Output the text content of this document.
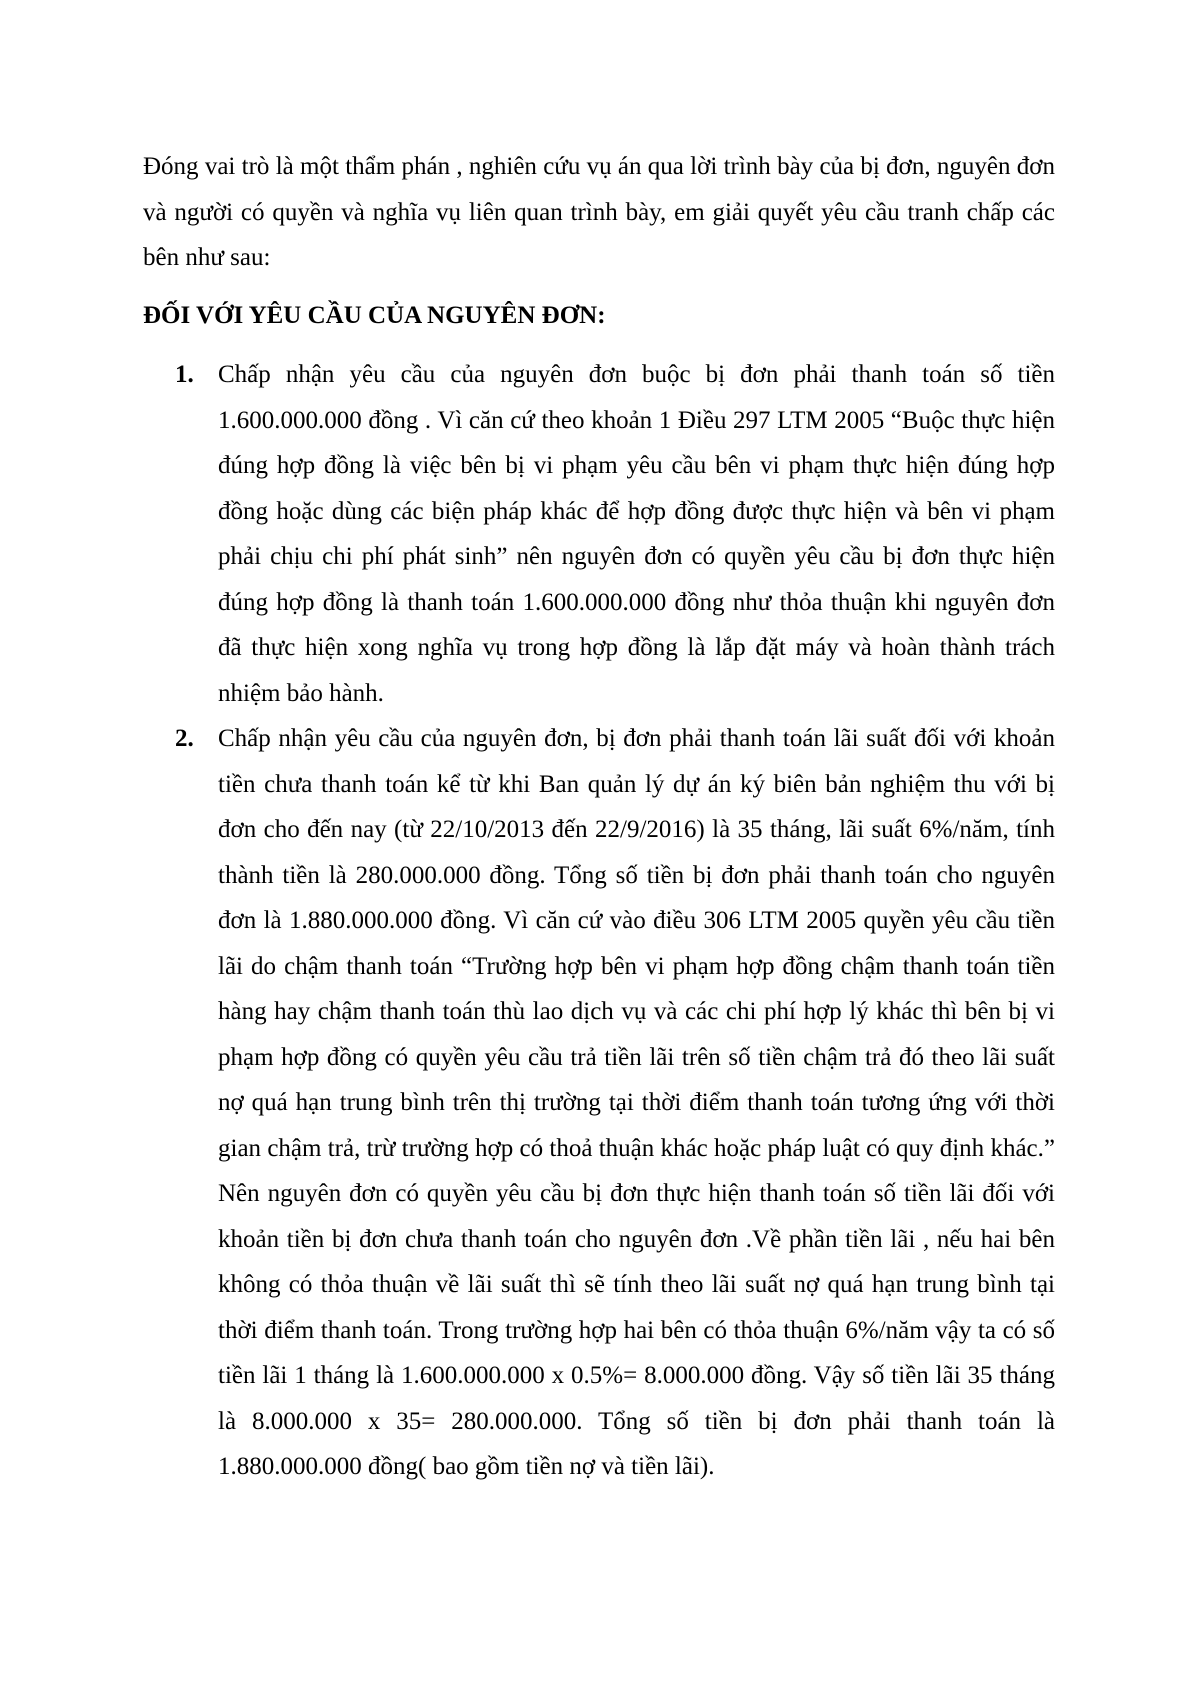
Đóng vai trò là một thẩm phán , nghiên cứu vụ án qua lời trình bày của bị đơn, nguyên đơn và người có quyền và nghĩa vụ liên quan trình bày, em giải quyết yêu cầu tranh chấp các bên như sau:

ĐỐI VỚI YÊU CẦU CỦA NGUYÊN ĐƠN:

1. Chấp nhận yêu cầu của nguyên đơn buộc bị đơn phải thanh toán số tiền 1.600.000.000 đồng . Vì căn cứ theo khoản 1 Điều 297 LTM 2005 “Buộc thực hiện đúng hợp đồng là việc bên bị vi phạm yêu cầu bên vi phạm thực hiện đúng hợp đồng hoặc dùng các biện pháp khác để hợp đồng được thực hiện và bên vi phạm phải chịu chi phí phát sinh” nên nguyên đơn có quyền yêu cầu bị đơn thực hiện đúng hợp đồng là thanh toán 1.600.000.000 đồng như thỏa thuận khi nguyên đơn đã thực hiện xong nghĩa vụ trong hợp đồng là lắp đặt máy và hoàn thành trách nhiệm bảo hành.

2. Chấp nhận yêu cầu của nguyên đơn, bị đơn phải thanh toán lãi suất đối với khoản tiền chưa thanh toán kể từ khi Ban quản lý dự án ký biên bản nghiệm thu với bị đơn cho đến nay (từ 22/10/2013 đến 22/9/2016) là 35 tháng, lãi suất 6%/năm, tính thành tiền là 280.000.000 đồng. Tổng số tiền bị đơn phải thanh toán cho nguyên đơn là 1.880.000.000 đồng. Vì căn cứ vào điều 306 LTM 2005 quyền yêu cầu tiền lãi do chậm thanh toán “Trường hợp bên vi phạm hợp đồng chậm thanh toán tiền hàng hay chậm thanh toán thù lao dịch vụ và các chi phí hợp lý khác thì bên bị vi phạm hợp đồng có quyền yêu cầu trả tiền lãi trên số tiền chậm trả đó theo lãi suất nợ quá hạn trung bình trên thị trường tại thời điểm thanh toán tương ứng với thời gian chậm trả, trừ trường hợp có thoả thuận khác hoặc pháp luật có quy định khác.” Nên nguyên đơn có quyền yêu cầu bị đơn thực hiện thanh toán số tiền lãi đối với khoản tiền bị đơn chưa thanh toán cho nguyên đơn .Về phần tiền lãi , nếu hai bên không có thỏa thuận về lãi suất thì sẽ tính theo lãi suất nợ quá hạn trung bình tại thời điểm thanh toán. Trong trường hợp hai bên có thỏa thuận 6%/năm vậy ta có số tiền lãi 1 tháng là 1.600.000.000 x 0.5%= 8.000.000 đồng. Vậy số tiền lãi 35 tháng là 8.000.000 x 35= 280.000.000. Tổng số tiền bị đơn phải thanh toán là 1.880.000.000 đồng( bao gồm tiền nợ và tiền lãi).
